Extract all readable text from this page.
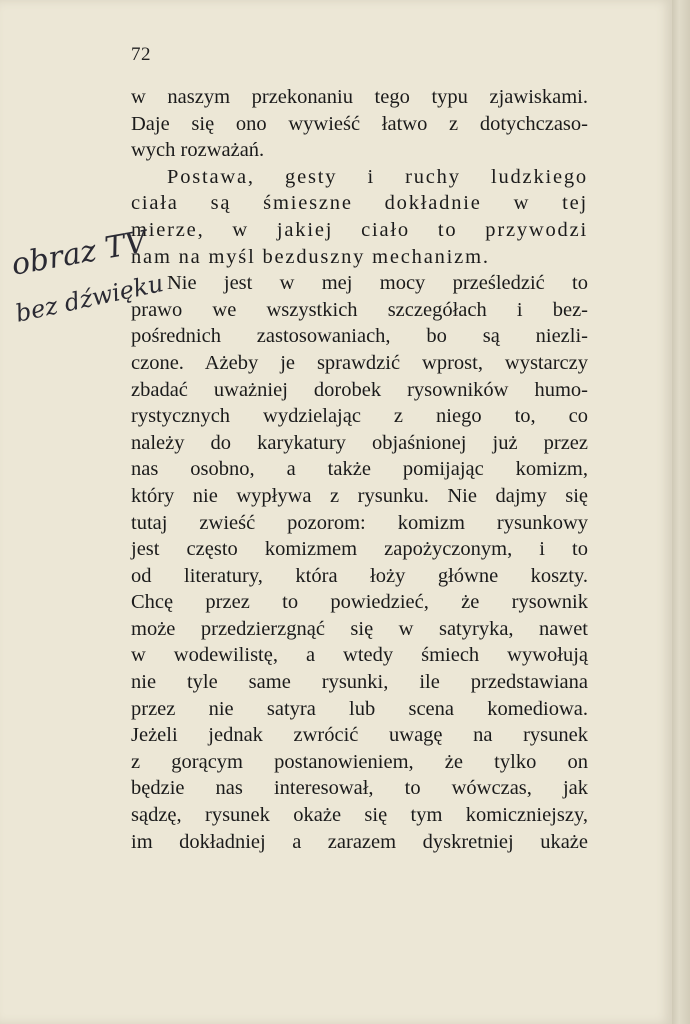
72
w naszym przekonaniu tego typu zjawiskami.
Daje się ono wywieść łatwo z dotychczaso-
wych rozważań.
Postawa, gesty i ruchy ludzkiego
ciała są śmieszne dokładnie w tej
mierze, w jakiej ciało to przywodzi
nam na myśl bezduszny mechanizm.
Nie jest w mej mocy prześledzić to
prawo we wszystkich szczegółach i bez-
pośrednich zastosowaniach, bo są niezli-
czone. Ażeby je sprawdzić wprost, wystarczy
zbadać uważniej dorobek rysowników humo-
rystycznych wydzielając z niego to, co
należy do karykatury objaśnionej już przez
nas osobno, a także pomijając komizm,
który nie wypływa z rysunku. Nie dajmy się
tutaj zwieść pozorom: komizm rysunkowy
jest często komizmem zapożyczonym, i to
od literatury, która łoży główne koszty.
Chcę przez to powiedzieć, że rysownik
może przedzierzgnąć się w satyryka, nawet
w wodewilistę, a wtedy śmiech wywołują
nie tyle same rysunki, ile przedstawiana
przez nie satyra lub scena komediowa.
Jeżeli jednak zwrócić uwagę na rysunek
z gorącym postanowieniem, że tylko on
będzie nas interesował, to wówczas, jak
sądzę, rysunek okaże się tym komiczniejszy,
im dokładniej a zarazem dyskretniej ukaże
obraz TV
bez dźwięku
